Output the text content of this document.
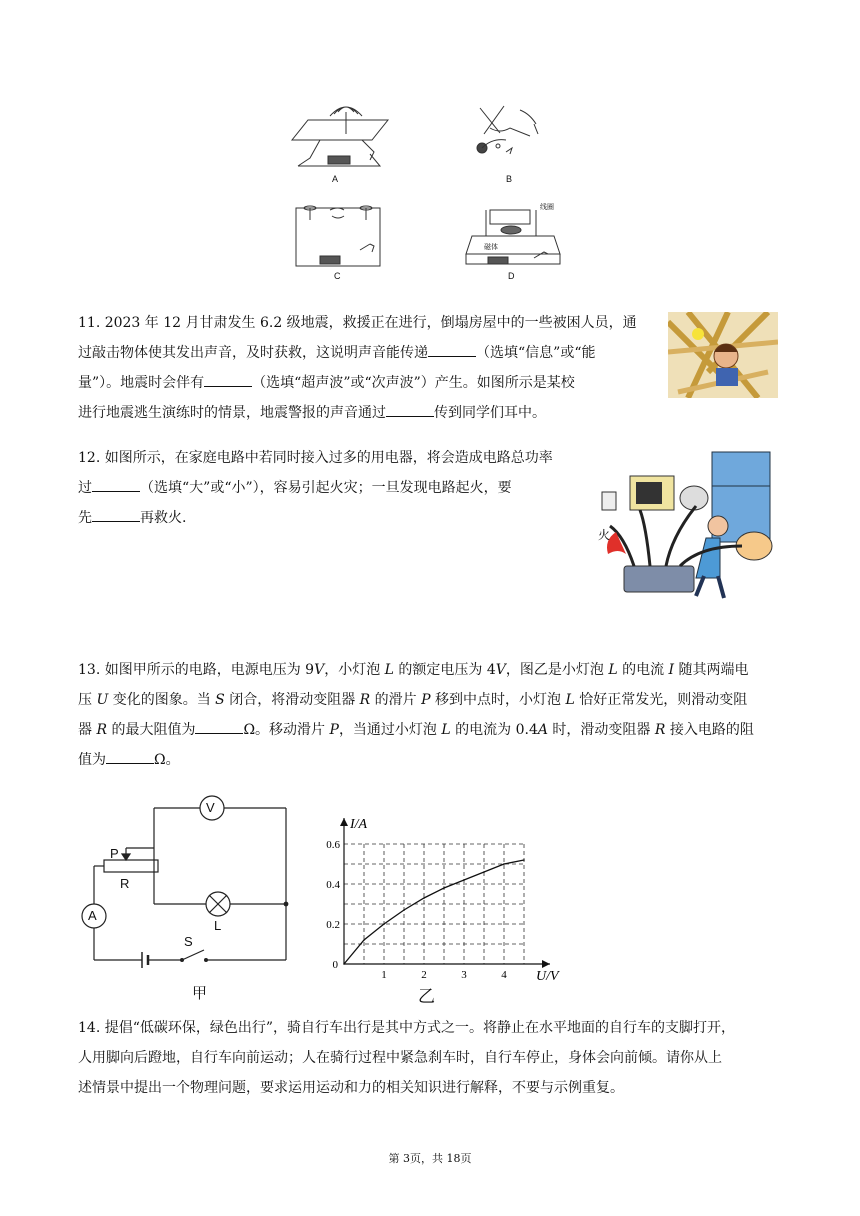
A	B
C	D
线圈
磁体
11. 2023 年 12 月甘肃发生 6.2 级地震，救援正在进行，倒塌房屋中的一些被困人员，通
过敲击物体使其发出声音，及时获救，这说明声音能传递	（选填“信息”或“能
量”）。地震时会伴有	（选填“超声波”或“次声波”）产生。如图所示是某校
进行地震逃生演练时的情景，地震警报的声音通过	传到同学们耳中。
12. 如图所示，在家庭电路中若同时接入过多的用电器，将会造成电路总功率
过	（选填“大”或“小”），容易引起火灾；一旦发现电路起火，要
先	再救火.
火
13. 如图甲所示的电路，电源电压为 9V，小灯泡 L 的额定电压为 4V，图乙是小灯泡 L 的电流 I 随其两端电
压 U 变化的图象。当 S 闭合，将滑动变阻器 R 的滑片 P 移到中点时，小灯泡 L 恰好正常发光，则滑动变阻
器 R 的最大阻值为	Ω。移动滑片 P，当通过小灯泡 L 的电流为 0.4A 时，滑动变阻器 R 接入电路的阻
值为	Ω。
V
A
L
P
R
S
甲
1	2	3	4
0.2
0.4
0.6
0
I/A
U/V
乙
14. 提倡“低碳环保，绿色出行”，骑自行车出行是其中方式之一。将静止在水平地面的自行车的支脚打开，
人用脚向后蹬地，自行车向前运动；人在骑行过程中紧急刹车时，自行车停止，身体会向前倾。请你从上
述情景中提出一个物理问题，要求运用运动和力的相关知识进行解释，不要与示例重复。
第 3页，共 18页
